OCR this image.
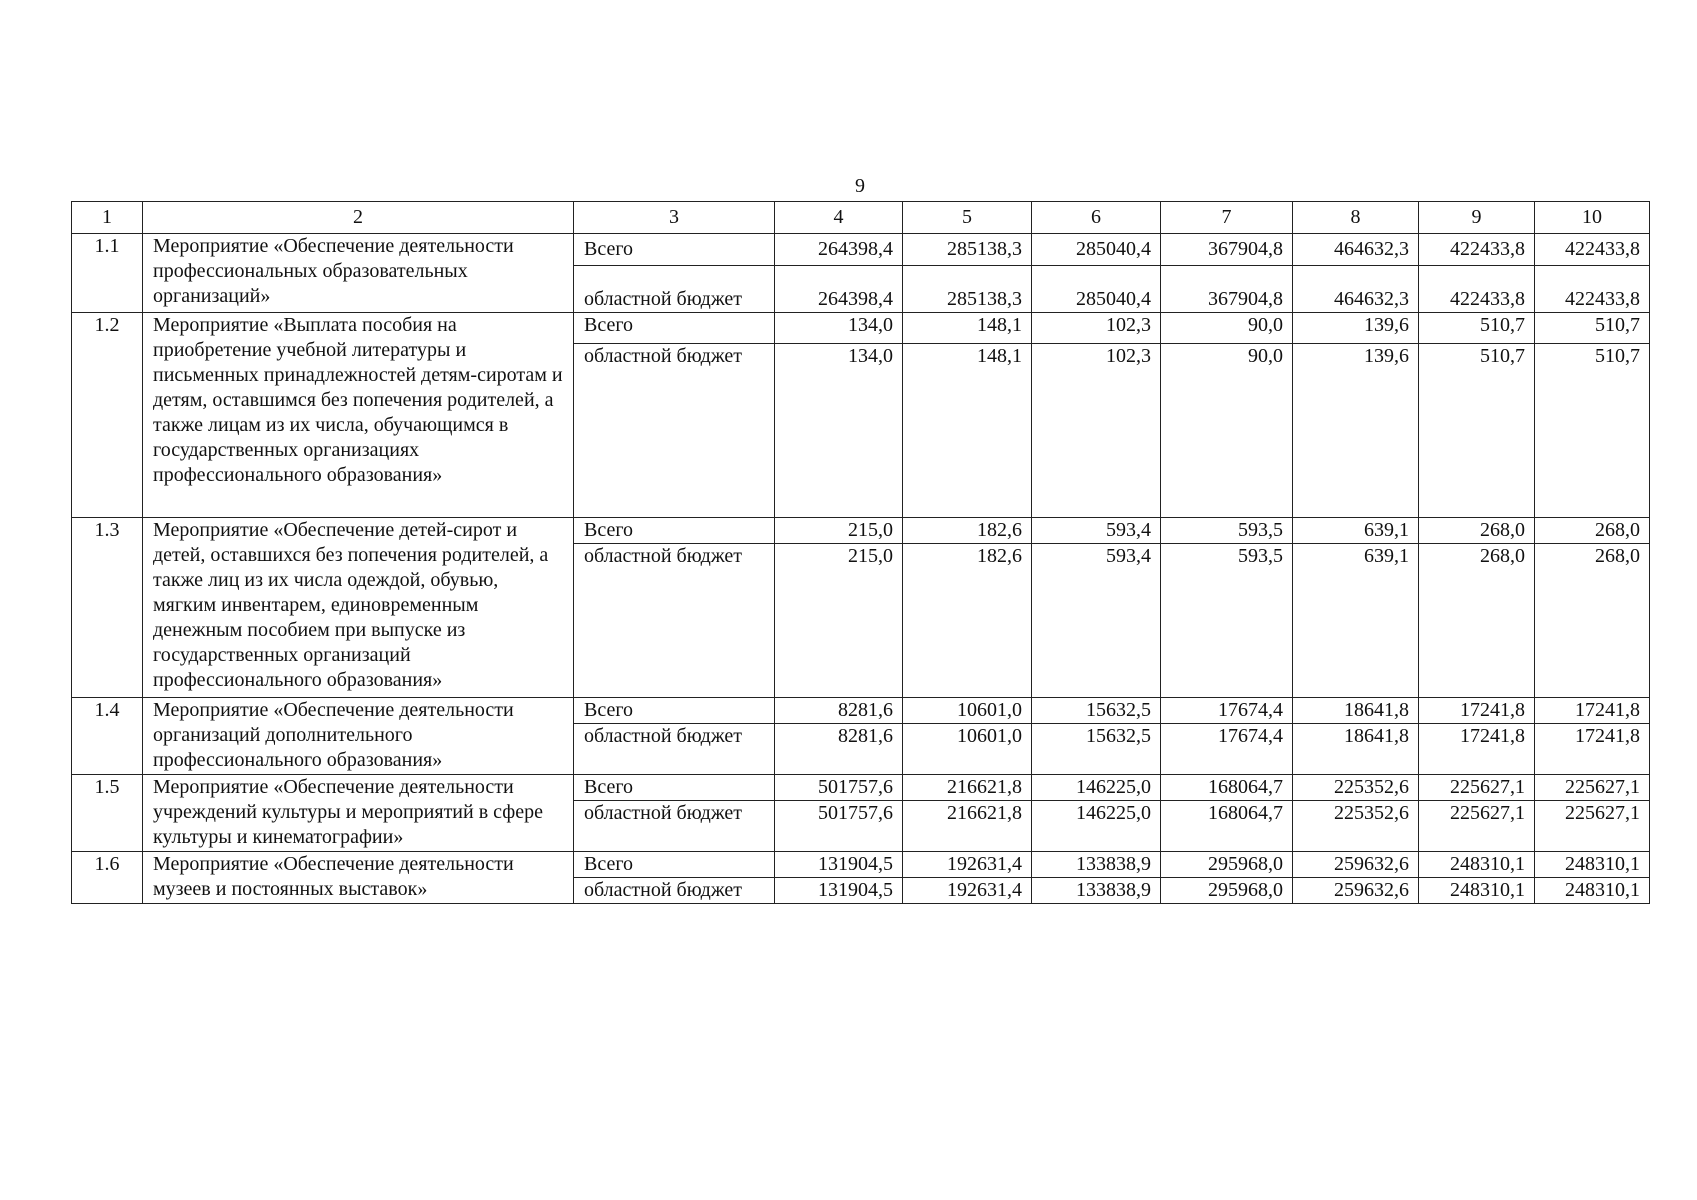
9
1	2	3	4	5	6	7	8	9	10
1.1	Мероприятие «Обеспечение деятельности профессиональных образовательных организаций»	Всего	264398,4	285138,3	285040,4	367904,8	464632,3	422433,8	422433,8
		областной бюджет	264398,4	285138,3	285040,4	367904,8	464632,3	422433,8	422433,8
1.2	Мероприятие «Выплата пособия на приобретение учебной литературы и письменных принадлежностей детям-сиротам и детям, оставшимся без попечения родителей, а также лицам из их числа, обучающимся в государственных организациях профессионального образования»	Всего	134,0	148,1	102,3	90,0	139,6	510,7	510,7
		областной бюджет	134,0	148,1	102,3	90,0	139,6	510,7	510,7
1.3	Мероприятие «Обеспечение детей-сирот и детей, оставшихся без попечения родителей, а также лиц из их числа одеждой, обувью, мягким инвентарем, единовременным денежным пособием при выпуске из государственных организаций профессионального образования»	Всего	215,0	182,6	593,4	593,5	639,1	268,0	268,0
		областной бюджет	215,0	182,6	593,4	593,5	639,1	268,0	268,0
1.4	Мероприятие «Обеспечение деятельности организаций дополнительного профессионального образования»	Всего	8281,6	10601,0	15632,5	17674,4	18641,8	17241,8	17241,8
		областной бюджет	8281,6	10601,0	15632,5	17674,4	18641,8	17241,8	17241,8
1.5	Мероприятие «Обеспечение деятельности учреждений культуры и мероприятий в сфере культуры и кинематографии»	Всего	501757,6	216621,8	146225,0	168064,7	225352,6	225627,1	225627,1
		областной бюджет	501757,6	216621,8	146225,0	168064,7	225352,6	225627,1	225627,1
1.6	Мероприятие «Обеспечение деятельности музеев и постоянных выставок»	Всего	131904,5	192631,4	133838,9	295968,0	259632,6	248310,1	248310,1
		областной бюджет	131904,5	192631,4	133838,9	295968,0	259632,6	248310,1	248310,1
